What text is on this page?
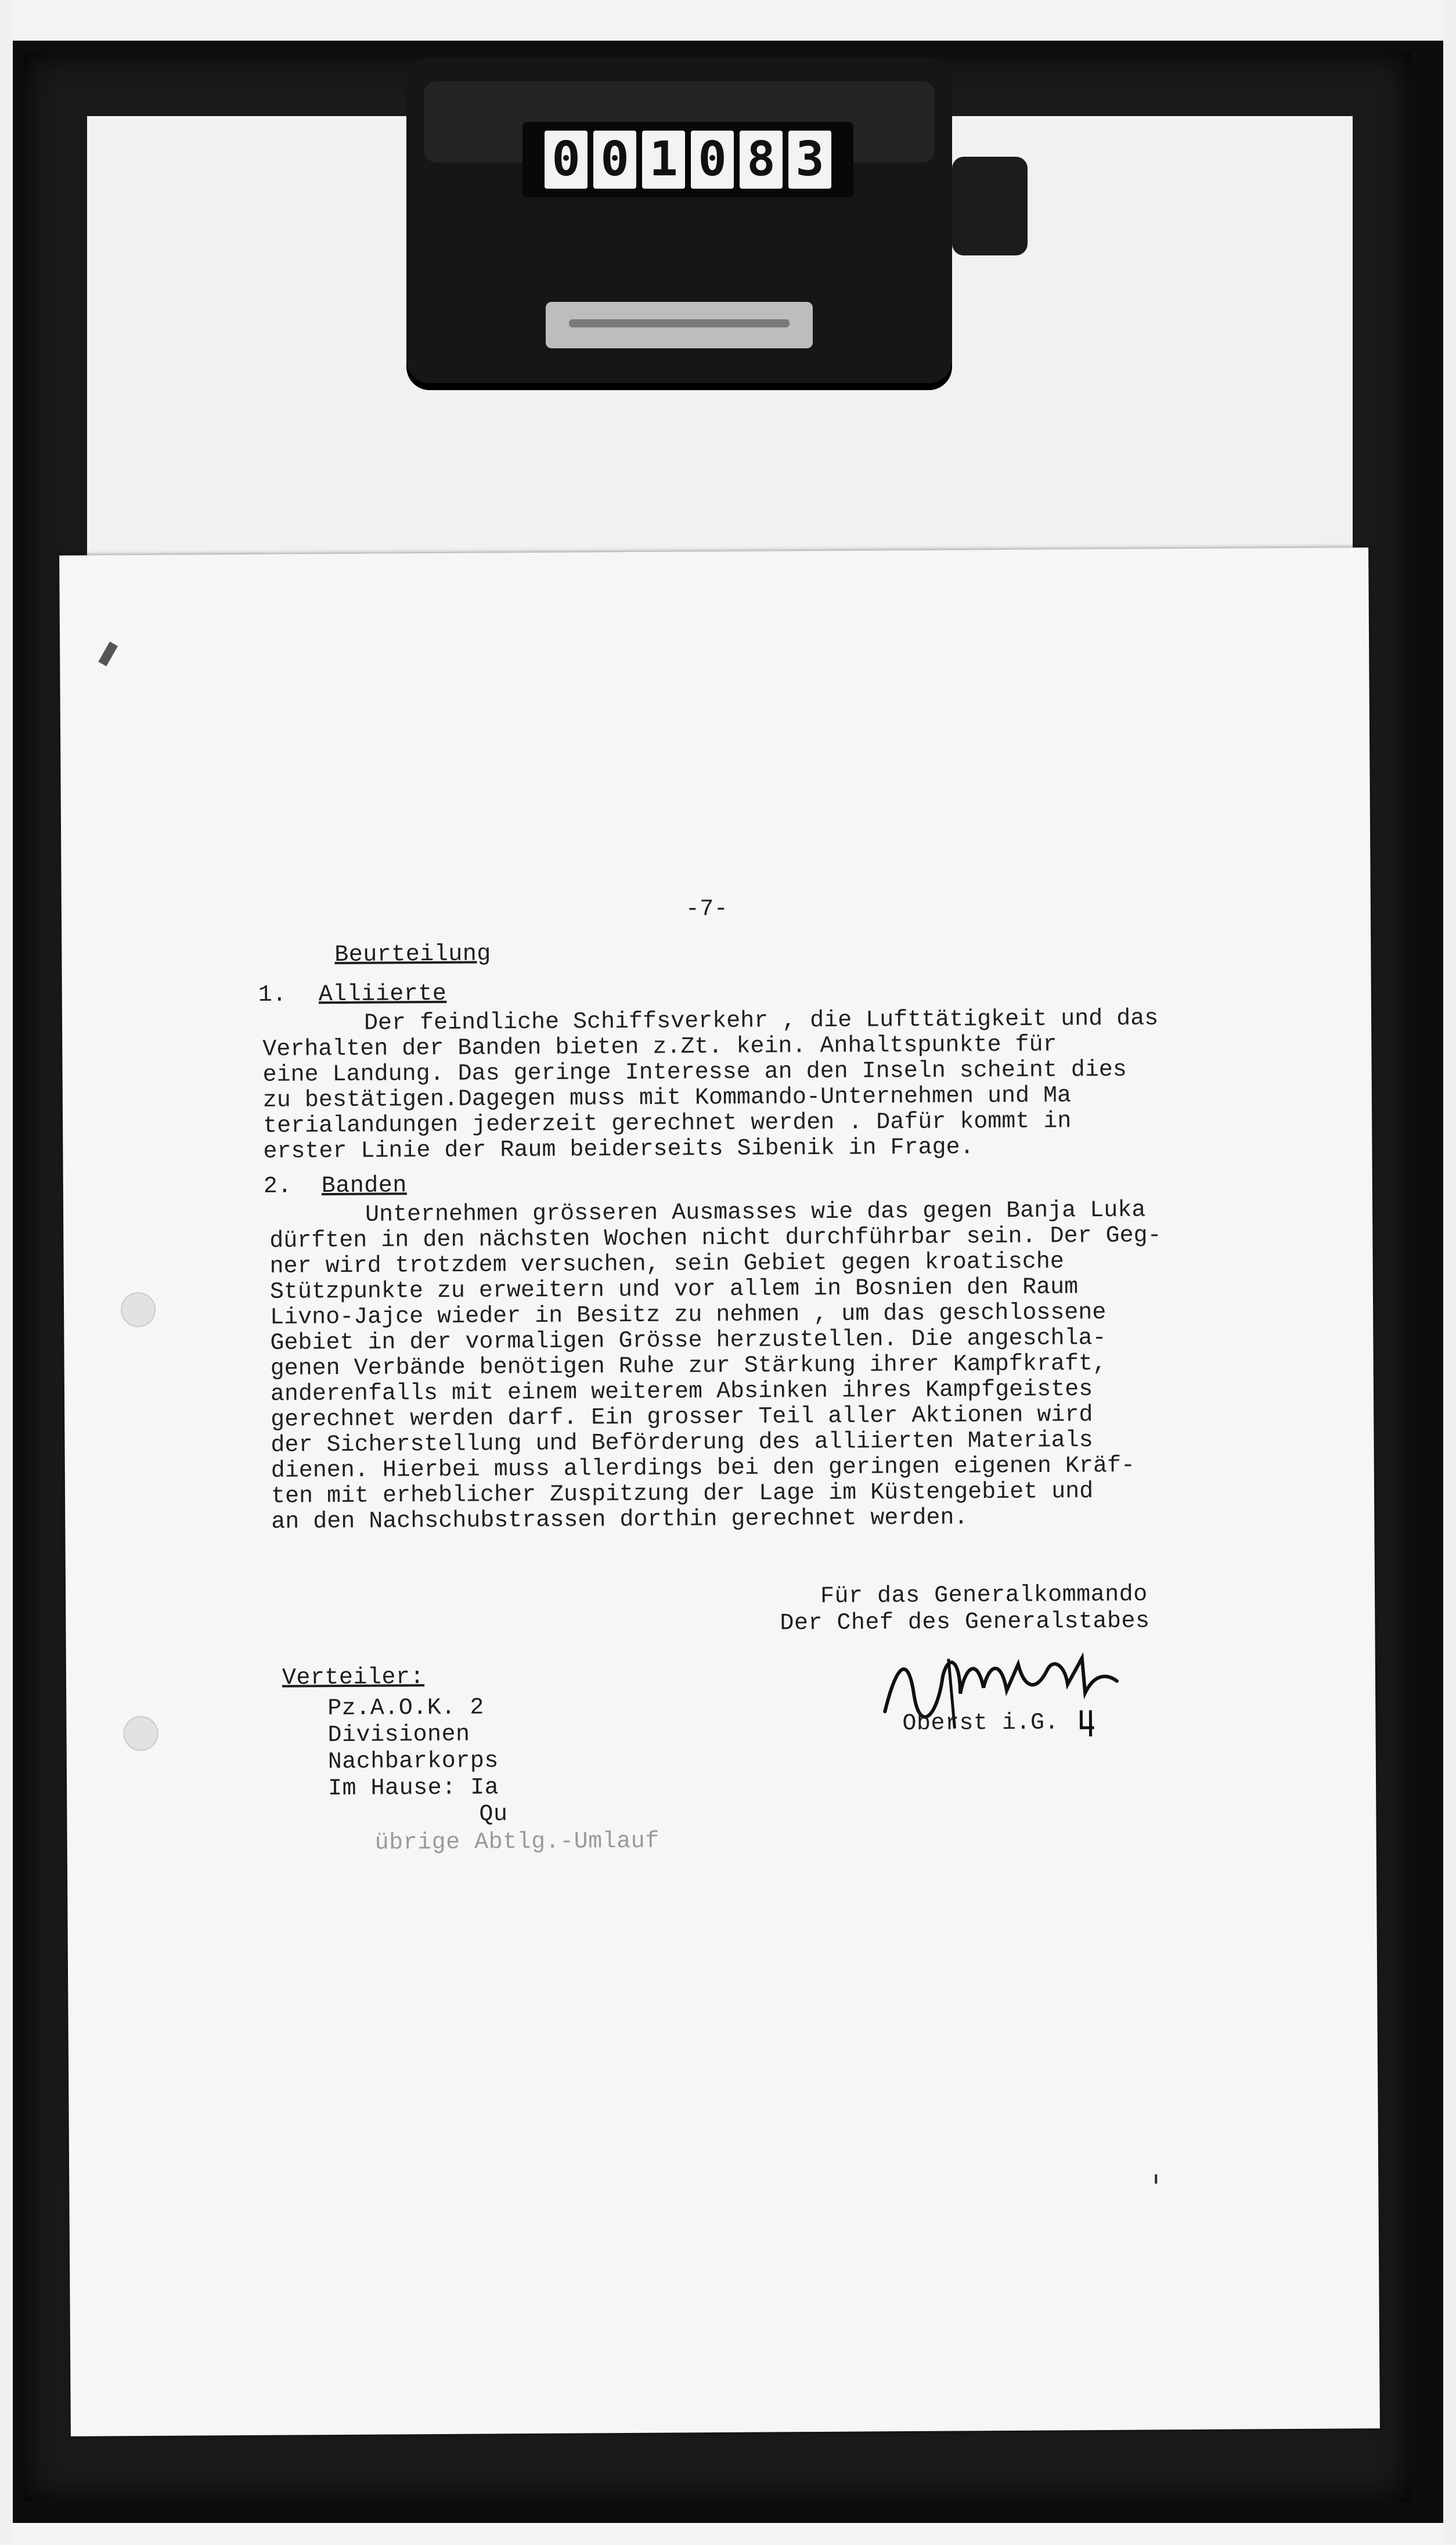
0 0 1 0 8 3
-7-
Beurteilung
1. Alliierte
Der feindliche Schiffsverkehr , die Lufttätigkeit und das
Verhalten der Banden bieten z.Zt. kein. Anhaltspunkte für
eine Landung. Das geringe Interesse an den Inseln scheint dies
zu bestätigen.Dagegen muss mit Kommando-Unternehmen und Ma
terialandungen jederzeit gerechnet werden . Dafür kommt in
erster Linie der Raum beiderseits Sibenik in Frage.
2. Banden
Unternehmen grösseren Ausmasses wie das gegen Banja Luka
dürften in den nächsten Wochen nicht durchführbar sein. Der Geg-
ner wird trotzdem versuchen, sein Gebiet gegen kroatische
Stützpunkte zu erweitern und vor allem in Bosnien den Raum
Livno-Jajce wieder in Besitz zu nehmen , um das geschlossene
Gebiet in der vormaligen Grösse herzustellen. Die angeschla-
genen Verbände benötigen Ruhe zur Stärkung ihrer Kampfkraft,
anderenfalls mit einem weiterem Absinken ihres Kampfgeistes
gerechnet werden darf. Ein grosser Teil aller Aktionen wird
der Sicherstellung und Beförderung des alliierten Materials
dienen. Hierbei muss allerdings bei den geringen eigenen Kräf-
ten mit erheblicher Zuspitzung der Lage im Küstengebiet und
an den Nachschubstrassen dorthin gerechnet werden.
Für das Generalkommando
Der Chef des Generalstabes
Oberst i.G.
Verteiler:
Pz.A.O.K. 2
Divisionen
Nachbarkorps
Im Hause: Ia
Qu
übrige Abtlg.-Umlauf
